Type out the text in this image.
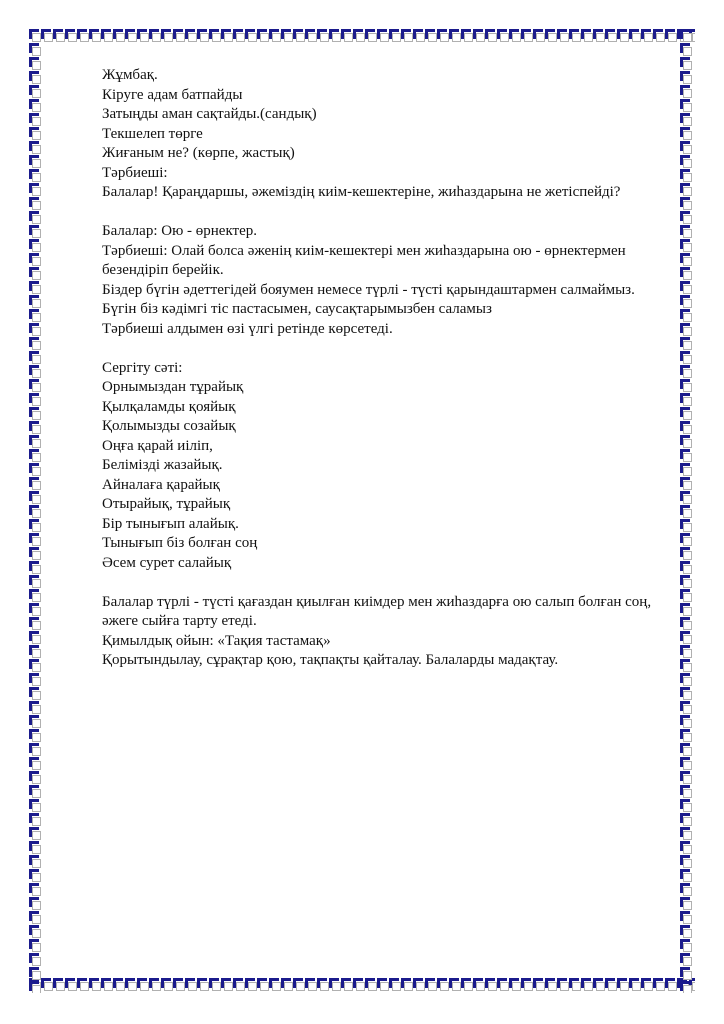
Жұмбақ.
Кіруге адам батпайды
Затыңды аман сақтайды.(сандық)
Текшелеп төрге
Жиғаным не? (көрпе, жастық)
Тәрбиеші:
Балалар! Қараңдаршы, әжеміздің киім-кешектеріне, жиһаздарына не жетіспейді?
Балалар: Ою - өрнектер.
Тәрбиеші: Олай болса әженің киім-кешектері мен жиһаздарына ою - өрнектермен
безендіріп берейік.
Біздер бүгін әдеттегідей бояумен немесе түрлі - түсті қарындаштармен салмаймыз.
Бүгін біз кәдімгі тіс пастасымен, саусақтарымызбен саламыз
Тәрбиеші алдымен өзі үлгі ретінде көрсетеді.
Сергіту сәті:
Орнымыздан тұрайық
Қылқаламды қояйық
Қолымызды созайық
Оңға қарай иіліп,
Белімізді жазайық.
Айналаға қарайық
Отырайық, тұрайық
Бір тынығып алайық.
Тынығып біз болған соң
Әсем сурет салайық
Балалар түрлі - түсті қағаздан қиылған киімдер мен жиһаздарға ою салып болған соң,
әжеге сыйға тарту етеді.
Қимылдық ойын: «Тақия тастамақ»
Қорытындылау, сұрақтар қою, тақпақты қайталау. Балаларды мадақтау.
